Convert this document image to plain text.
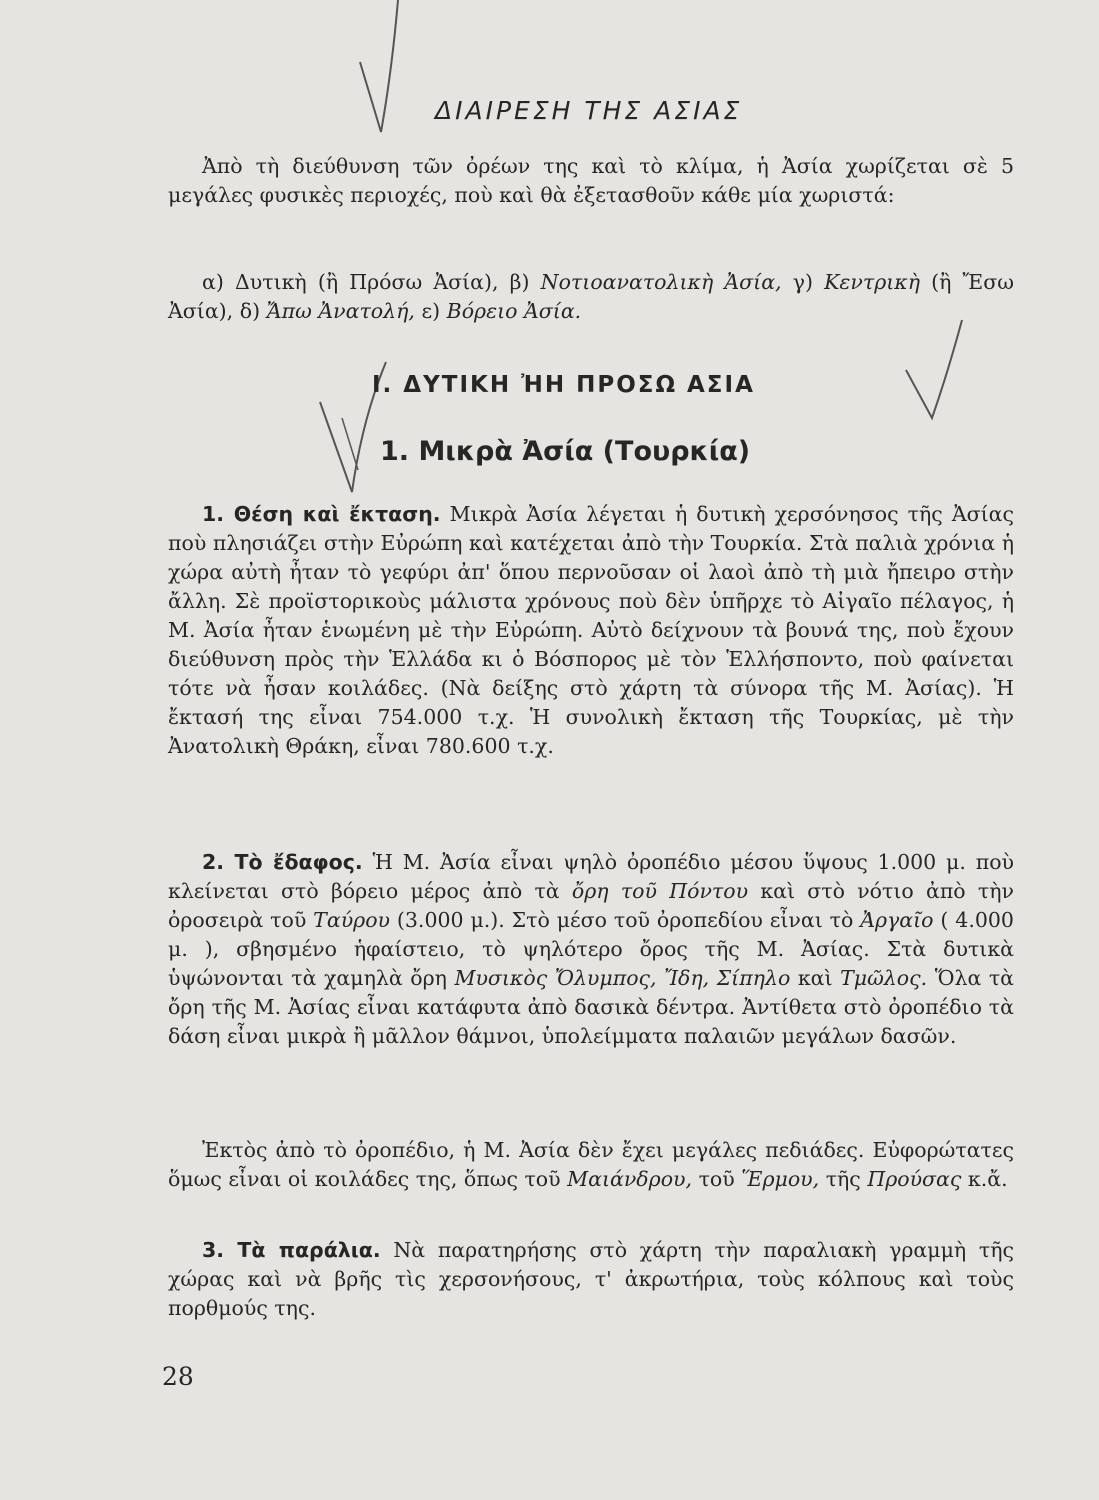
ΔΙΑΙΡΕΣΗ ΤΗΣ ΑΣΙΑΣ

Ἀπὸ τὴ διεύθυνση τῶν ὀρέων της καὶ τὸ κλίμα, ἡ Ἀσία χωρίζεται σὲ 5 μεγάλες φυσικὲς περιοχές, ποὺ καὶ θὰ ἐξετασθοῦν κάθε μία χωριστά:

α) Δυτικὴ (ἢ Πρόσω Ἀσία), β) Νοτιοανατολικὴ Ἀσία, γ) Κεντρικὴ (ἢ Ἔσω Ἀσία), δ) Ἄπω Ἀνατολή, ε) Βόρειο Ἀσία.

Ι. ΔΥΤΙΚΗ ἨΗ ΠΡΟΣΩ ΑΣΙΑ
1. Μικρὰ Ἀσία (Τουρκία)

1. Θέση καὶ ἔκταση. Μικρὰ Ἀσία λέγεται ἡ δυτικὴ χερσόνησος τῆς Ἀσίας ποὺ πλησιάζει στὴν Εὐρώπη καὶ κατέχεται ἀπὸ τὴν Τουρκία. Στὰ παλιὰ χρόνια ἡ χώρα αὐτὴ ἦταν τὸ γεφύρι ἀπ' ὅπου περνοῦσαν οἱ λαοὶ ἀπὸ τὴ μιὰ ἤπειρο στὴν ἄλλη. Σὲ προϊστορικοὺς μάλιστα χρόνους ποὺ δὲν ὑπῆρχε τὸ Αἰγαῖο πέλαγος, ἡ Μ. Ἀσία ἦταν ἑνωμένη μὲ τὴν Εὐρώπη. Αὐτὸ δείχνουν τὰ βουνά της, ποὺ ἔχουν διεύθυνση πρὸς τὴν Ἑλλάδα κι ὁ Βόσπορος μὲ τὸν Ἑλλήσποντο, ποὺ φαίνεται τότε νὰ ἦσαν κοιλάδες. (Νὰ δείξης στὸ χάρτη τὰ σύνορα τῆς Μ. Ἀσίας). Ἡ ἔκτασή της εἶναι 754.000 τ.χ. Ἡ συνολικὴ ἔκταση τῆς Τουρκίας, μὲ τὴν Ἀνατολικὴ Θράκη, εἶναι 780.600 τ.χ.

2. Τὸ ἔδαφος. Ἡ Μ. Ἀσία εἶναι ψηλὸ ὀροπέδιο μέσου ὕψους 1.000 μ. ποὺ κλείνεται στὸ βόρειο μέρος ἀπὸ τὰ ὄρη τοῦ Πόντου καὶ στὸ νότιο ἀπὸ τὴν ὀροσειρὰ τοῦ Ταύρου (3.000 μ.). Στὸ μέσο τοῦ ὀροπεδίου εἶναι τὸ Ἀργαῖο ( 4.000 μ. ), σβησμένο ἡφαίστειο, τὸ ψηλότερο ὄρος τῆς Μ. Ἀσίας. Στὰ δυτικὰ ὑψώνονται τὰ χαμηλὰ ὄρη Μυσικὸς Ὄλυμπος, Ἴδη, Σίπηλο καὶ Τμῶλος. Ὅλα τὰ ὄρη τῆς Μ. Ἀσίας εἶναι κατάφυτα ἀπὸ δασικὰ δέντρα. Ἀντίθετα στὸ ὀροπέδιο τὰ δάση εἶναι μικρὰ ἢ μᾶλλον θάμνοι, ὑπολείμματα παλαιῶν μεγάλων δασῶν.

Ἐκτὸς ἀπὸ τὸ ὀροπέδιο, ἡ Μ. Ἀσία δὲν ἔχει μεγάλες πεδιάδες. Εὐφορώτατες ὅμως εἶναι οἱ κοιλάδες της, ὅπως τοῦ Μαιάνδρου, τοῦ Ἕρμου, τῆς Προύσας κ.ἄ.

3. Τὰ παράλια. Νὰ παρατηρήσης στὸ χάρτη τὴν παραλιακὴ γραμμὴ τῆς χώρας καὶ νὰ βρῆς τὶς χερσονήσους, τ' ἀκρωτήρια, τοὺς κόλπους καὶ τοὺς πορθμούς της.

28
